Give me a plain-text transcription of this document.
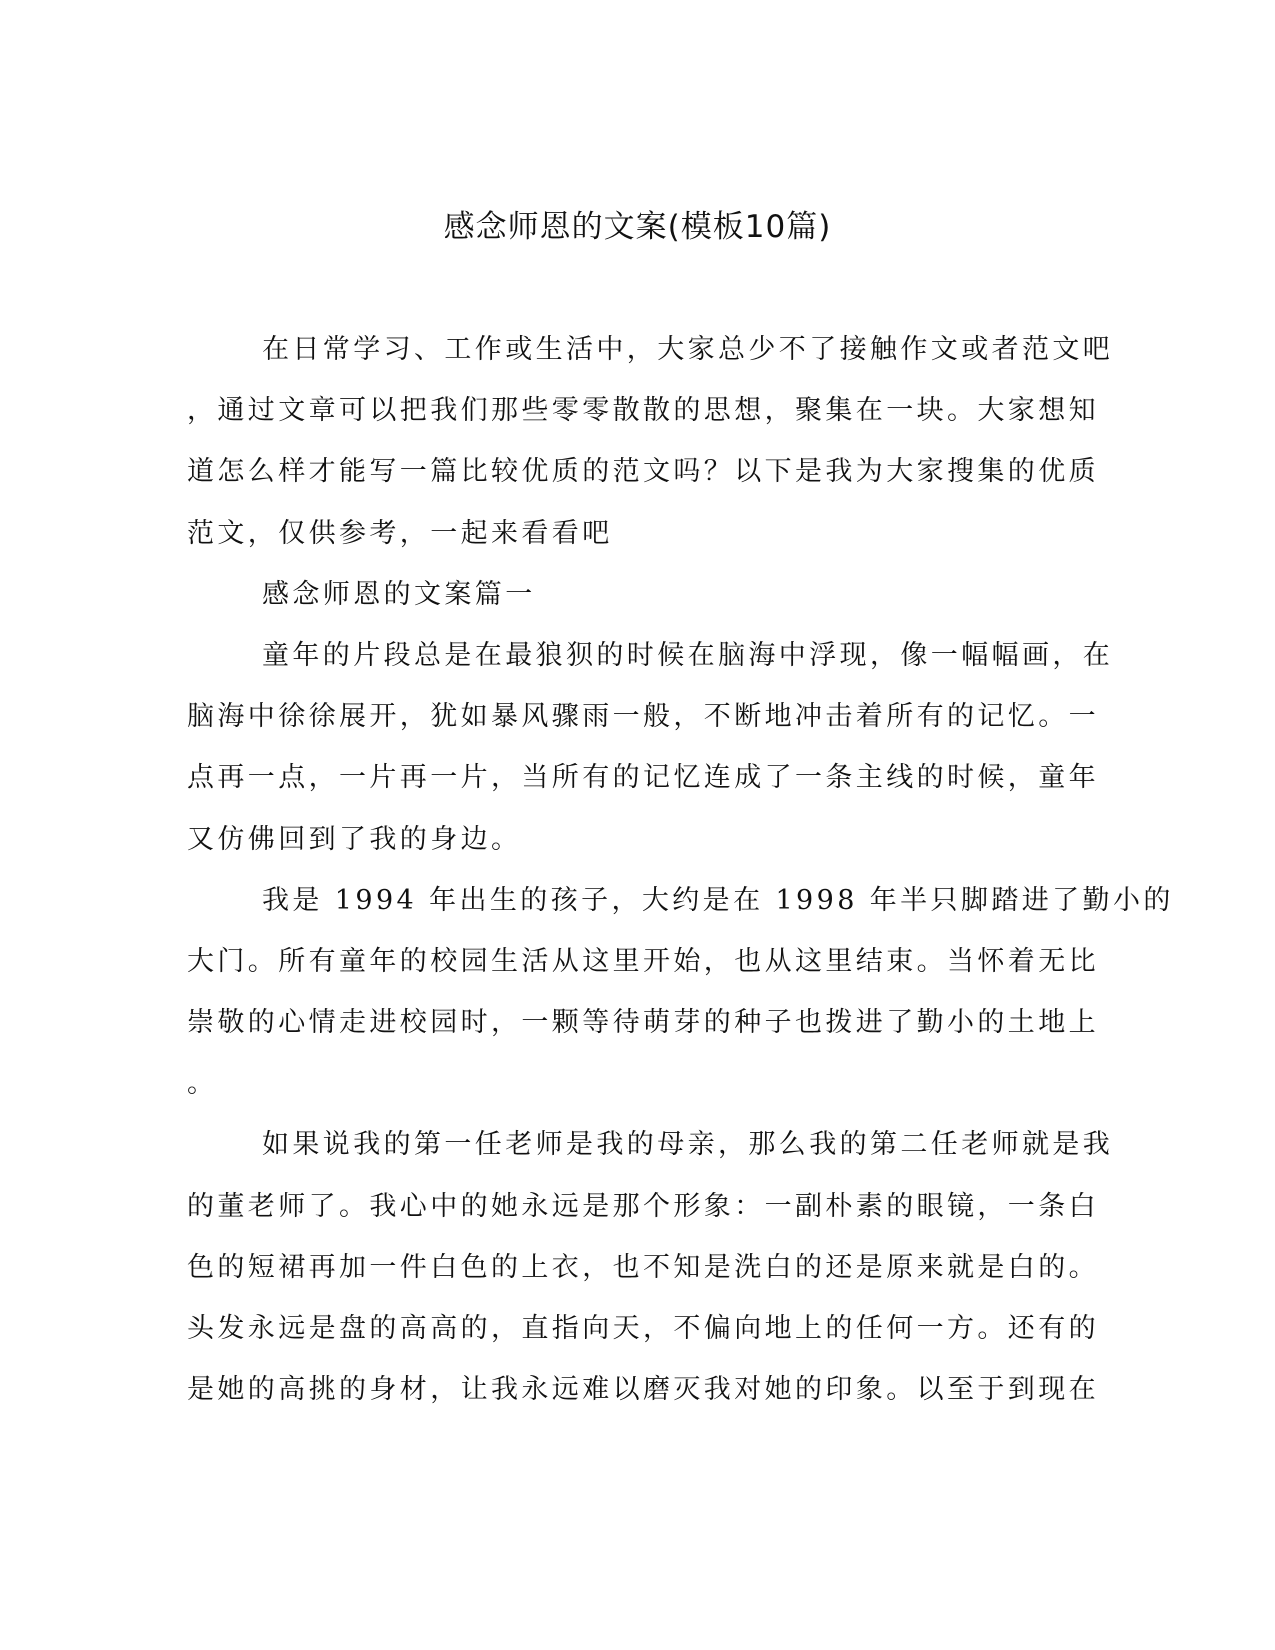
感念师恩的文案(模板10篇)
在日常学习、工作或生活中，大家总少不了接触作文或者范文吧
，通过文章可以把我们那些零零散散的思想，聚集在一块。大家想知
道怎么样才能写一篇比较优质的范文吗？以下是我为大家搜集的优质
范文，仅供参考，一起来看看吧
感念师恩的文案篇一
童年的片段总是在最狼狈的时候在脑海中浮现，像一幅幅画，在
脑海中徐徐展开，犹如暴风骤雨一般，不断地冲击着所有的记忆。一
点再一点，一片再一片，当所有的记忆连成了一条主线的时候，童年
又仿佛回到了我的身边。
我是 1994 年出生的孩子，大约是在 1998 年半只脚踏进了勤小的
大门。所有童年的校园生活从这里开始，也从这里结束。当怀着无比
崇敬的心情走进校园时，一颗等待萌芽的种子也拨进了勤小的土地上
。
如果说我的第一任老师是我的母亲，那么我的第二任老师就是我
的董老师了。我心中的她永远是那个形象：一副朴素的眼镜，一条白
色的短裙再加一件白色的上衣，也不知是洗白的还是原来就是白的。
头发永远是盘的高高的，直指向天，不偏向地上的任何一方。还有的
是她的高挑的身材，让我永远难以磨灭我对她的印象。以至于到现在
